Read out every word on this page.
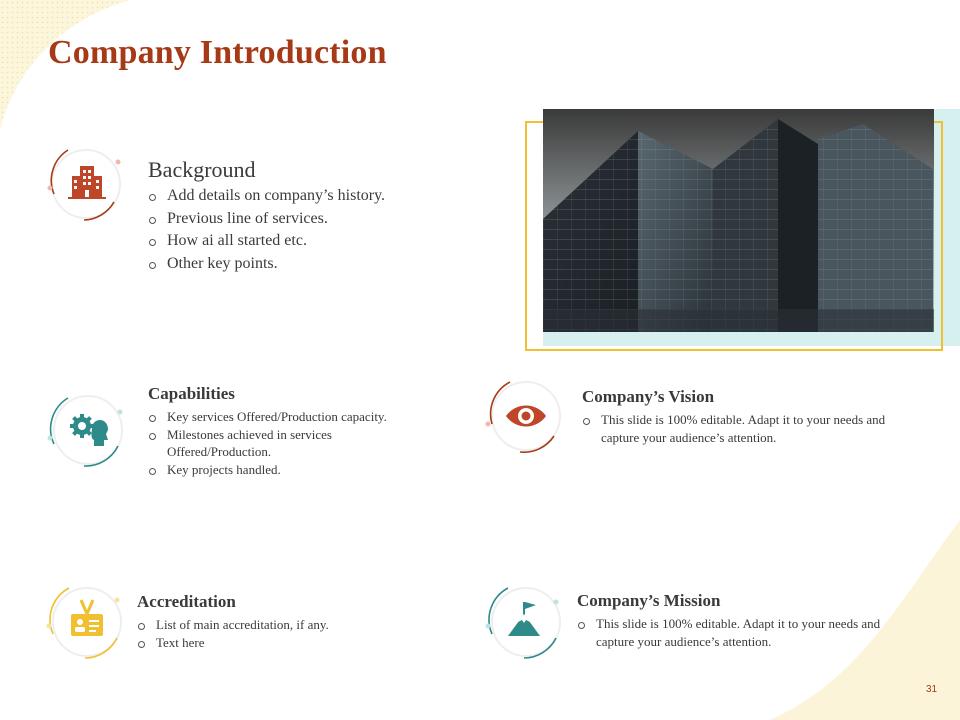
Company Introduction
Background
Add details on company’s history.
Previous line of services.
How ai all started etc.
Other key points.
Capabilities
Key services Offered/Production capacity.
Milestones achieved in services Offered/Production.
Key projects handled.
Company’s Vision
This slide is 100% editable. Adapt it to your needs and capture your audience’s attention.
Accreditation
List of main accreditation, if any.
Text here
Company’s Mission
This slide is 100% editable. Adapt it to your needs and capture your audience’s attention.
31
